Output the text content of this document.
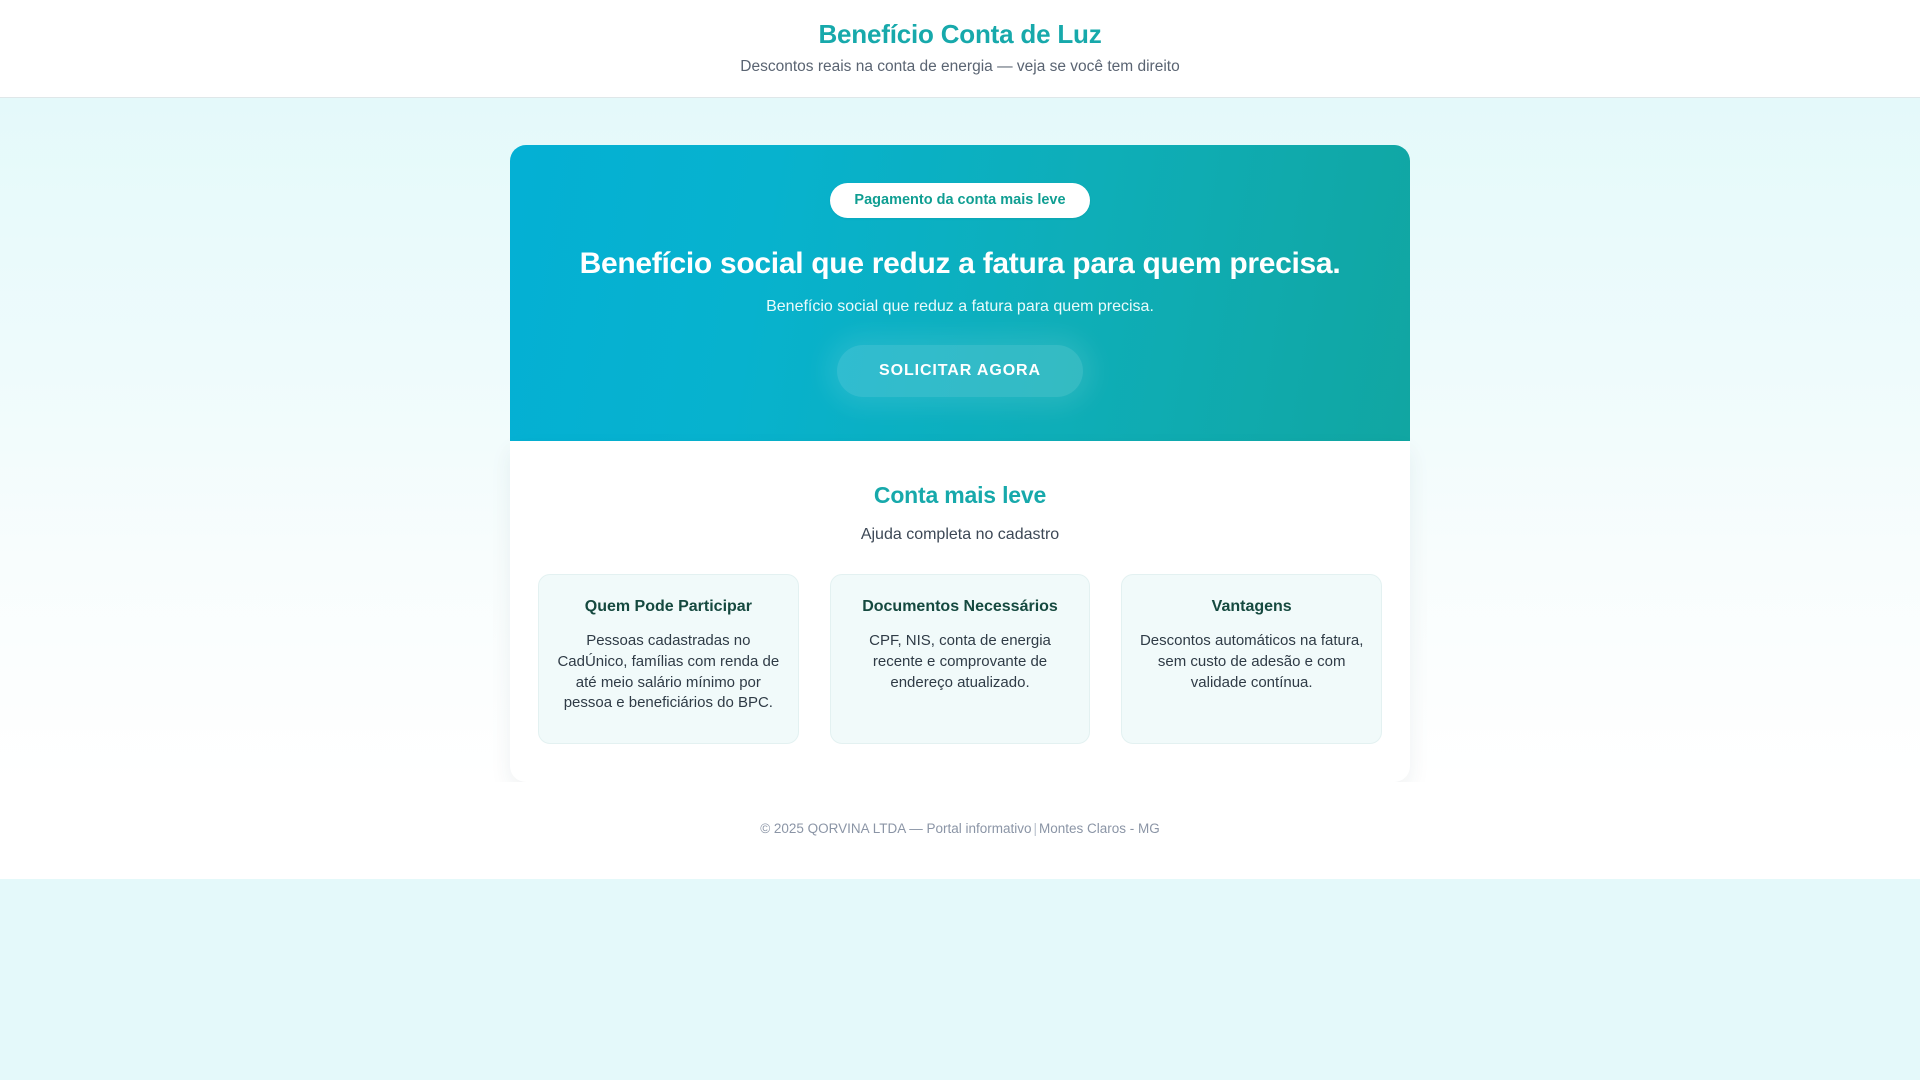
Benefício Conta de Luz
Descontos reais na conta de energia — veja se você tem direito
Pagamento da conta mais leve
Benefício social que reduz a fatura para quem precisa.

Benefício social que reduz a fatura para quem precisa.

SOLICITAR AGORA
Conta mais leve

Ajuda completa no cadastro

Quem Pode Participar
Pessoas cadastradas no CadÚnico, famílias com renda de até meio salário mínimo por pessoa e beneficiários do BPC.
Documentos Necessários
CPF, NIS, conta de energia recente e comprovante de endereço atualizado.
Vantagens
Descontos automáticos na fatura, sem custo de adesão e com validade contínua.
© 2025 QORVINA LTDA — Portal informativo | Montes Claros - MG
